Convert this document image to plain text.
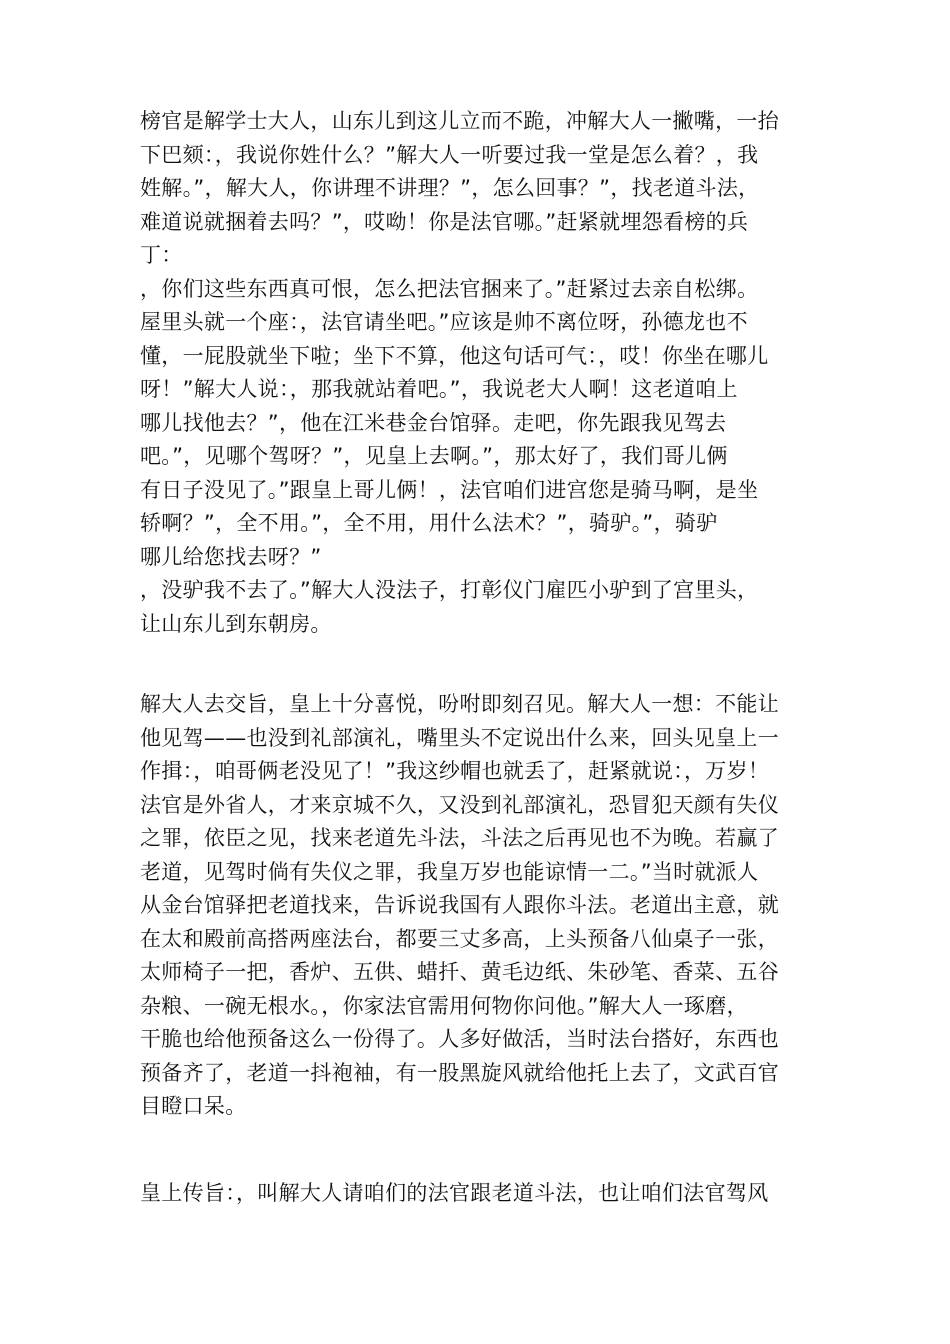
榜官是解学士大人，山东儿到这儿立而不跪，冲解大人一撇嘴，一抬
下巴颏：，我说你姓什么？”解大人一听要过我一堂是怎么着？，我
姓解。”，解大人，你讲理不讲理？”，怎么回事？”，找老道斗法，
难道说就捆着去吗？”，哎呦！你是法官哪。”赶紧就埋怨看榜的兵
丁：
，你们这些东西真可恨，怎么把法官捆来了。”赶紧过去亲自松绑。
屋里头就一个座：，法官请坐吧。”应该是帅不离位呀，孙德龙也不
懂，一屁股就坐下啦；坐下不算，他这句话可气：，哎！你坐在哪儿
呀！”解大人说：，那我就站着吧。”，我说老大人啊！这老道咱上
哪儿找他去？”，他在江米巷金台馆驿。走吧，你先跟我见驾去
吧。”，见哪个驾呀？”，见皇上去啊。”，那太好了，我们哥儿俩
有日子没见了。”跟皇上哥儿俩！，法官咱们进宫您是骑马啊，是坐
轿啊？”，全不用。”，全不用，用什么法术？”，骑驴。”，骑驴
哪儿给您找去呀？”
，没驴我不去了。”解大人没法子，打彰仪门雇匹小驴到了宫里头，
让山东儿到东朝房。
解大人去交旨，皇上十分喜悦，吩咐即刻召见。解大人一想：不能让
他见驾——也没到礼部演礼，嘴里头不定说出什么来，回头见皇上一
作揖：，咱哥俩老没见了！”我这纱帽也就丢了，赶紧就说：，万岁！
法官是外省人，才来京城不久，又没到礼部演礼，恐冒犯天颜有失仪
之罪，依臣之见，找来老道先斗法，斗法之后再见也不为晚。若赢了
老道，见驾时倘有失仪之罪，我皇万岁也能谅情一二。”当时就派人
从金台馆驿把老道找来，告诉说我国有人跟你斗法。老道出主意，就
在太和殿前高搭两座法台，都要三丈多高，上头预备八仙桌子一张，
太师椅子一把，香炉、五供、蜡扦、黄毛边纸、朱砂笔、香菜、五谷
杂粮、一碗无根水。，你家法官需用何物你问他。”解大人一琢磨，
干脆也给他预备这么一份得了。人多好做活，当时法台搭好，东西也
预备齐了，老道一抖袍袖，有一股黑旋风就给他托上去了，文武百官
目瞪口呆。
皇上传旨：，叫解大人请咱们的法官跟老道斗法，也让咱们法官驾风
